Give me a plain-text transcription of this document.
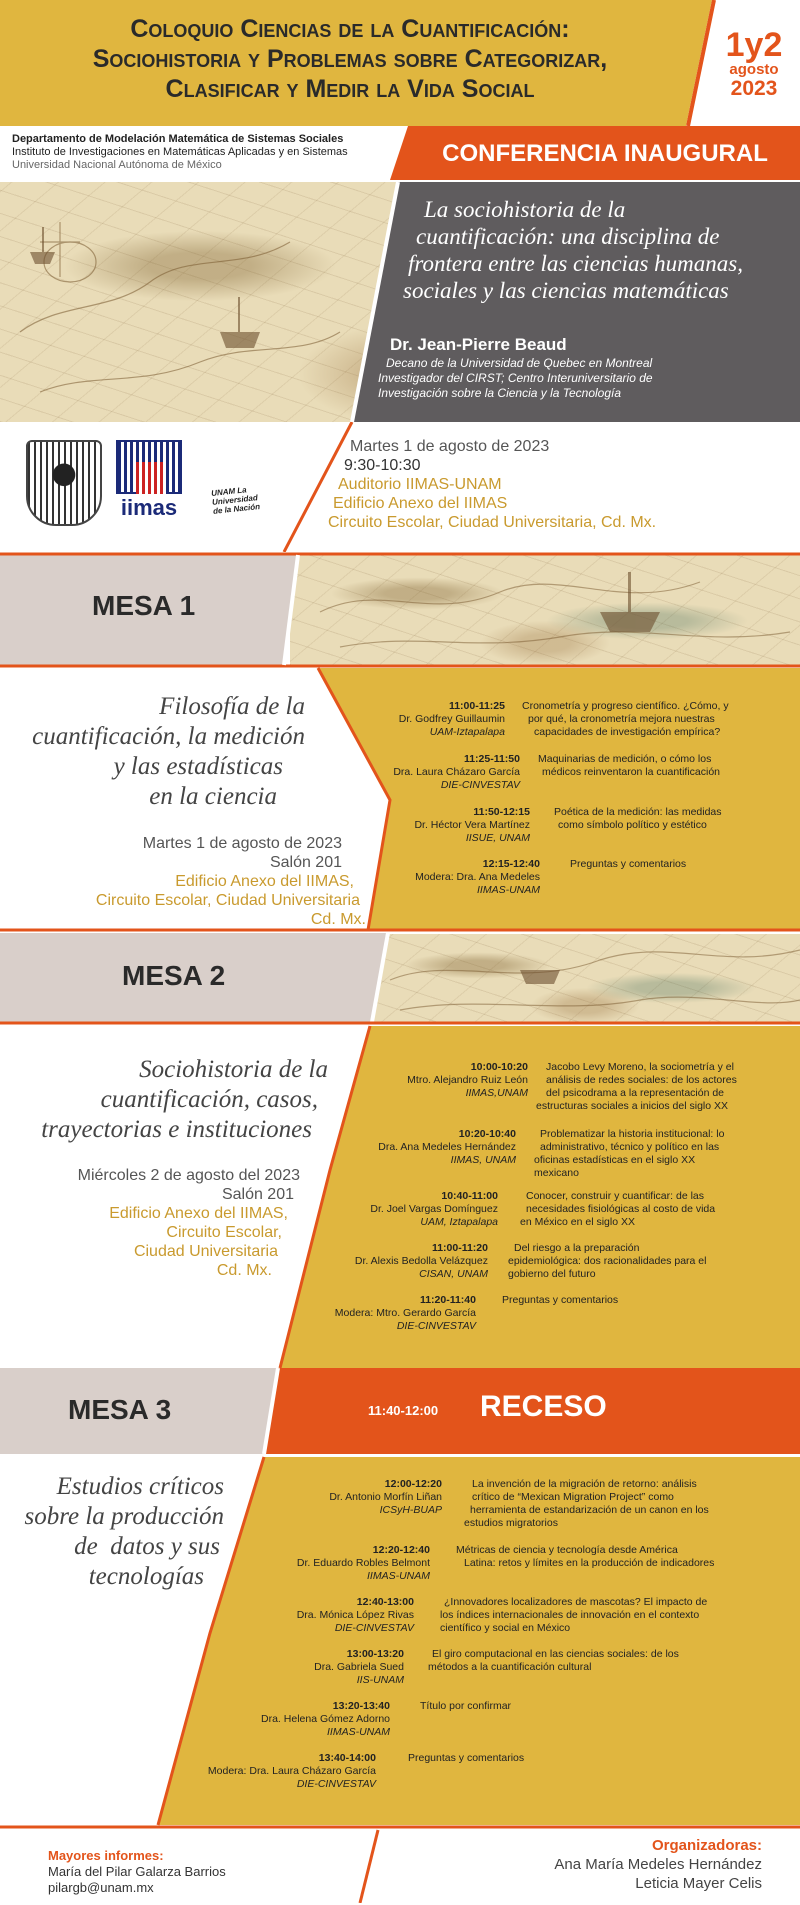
Coloquio Ciencias de la Cuantificación:
Sociohistoria y Problemas sobre Categorizar,
Clasificar y Medir la Vida Social
1y2
agosto
2023
Departamento de Modelación Matemática de Sistemas Sociales
Instituto de Investigaciones en Matemáticas Aplicadas y en Sistemas
Universidad Nacional Autónoma de México	CONFERENCIA INAUGURAL
La sociohistoria de la
cuantificación: una disciplina de
frontera entre las ciencias humanas,
sociales y las ciencias matemáticas
Dr. Jean-Pierre Beaud
Decano de la Universidad de Quebec en Montreal
Investigador del CIRST; Centro Interuniversitario de
Investigación sobre la Ciencia y la Tecnología
iimas
UNAM La Universidad de la Nación
Martes 1 de agosto de 2023
9:30-10:30
Auditorio IIMAS-UNAM
Edificio Anexo del IIMAS
Circuito Escolar, Ciudad Universitaria, Cd. Mx.
MESA 1
Filosofía de la
cuantificación, la medición
y las estadísticas
en la ciencia
Martes 1 de agosto de 2023
Salón 201
Edificio Anexo del IIMAS,
Circuito Escolar, Ciudad Universitaria
Cd. Mx.
11:00-11:25
Dr. Godfrey Guillaumin
UAM-Iztapalapa
Cronometría y progreso científico. ¿Cómo, y
por qué, la cronometría mejora nuestras
capacidades de investigación empírica?
11:25-11:50
Dra. Laura Cházaro García
DIE-CINVESTAV
Maquinarias de medición, o cómo los
médicos reinventaron la cuantificación
11:50-12:15
Dr. Héctor Vera Martínez
IISUE, UNAM
Poética de la medición: las medidas
como símbolo político y estético
12:15-12:40
Modera: Dra. Ana Medeles
IIMAS-UNAM
Preguntas y comentarios
MESA 2
Sociohistoria de la
cuantificación, casos,
trayectorias e instituciones
Miércoles 2 de agosto del 2023
Salón 201
Edificio Anexo del IIMAS,
Circuito Escolar,
Ciudad Universitaria
Cd. Mx.
10:00-10:20
Mtro. Alejandro Ruiz León
IIMAS,UNAM
Jacobo Levy Moreno, la sociometría y el
análisis de redes sociales: de los actores
del psicodrama a la representación de
estructuras sociales a inicios del siglo XX
10:20-10:40
Dra. Ana Medeles Hernández
IIMAS, UNAM
Problematizar la historia institucional: lo
administrativo, técnico y político en las
oficinas estadísticas en el siglo XX
mexicano
10:40-11:00
Dr. Joel Vargas Domínguez
UAM, Iztapalapa
Conocer, construir y cuantificar: de las
necesidades fisiológicas al costo de vida
en México en el siglo XX
11:00-11:20
Dr. Alexis Bedolla Velázquez
CISAN, UNAM
Del riesgo a la preparación
epidemiológica: dos racionalidades para el
gobierno del futuro
11:20-11:40
Modera: Mtro. Gerardo García
DIE-CINVESTAV
Preguntas y comentarios
MESA 3	11:40-12:00 RECESO
Estudios críticos
sobre la producción
de  datos y sus
tecnologías
12:00-12:20
Dr. Antonio Morfín Liñan
ICSyH-BUAP
La invención de la migración de retorno: análisis
crítico de “Mexican Migration Project” como
herramienta de estandarización de un canon en los
estudios migratorios
12:20-12:40
Dr. Eduardo Robles Belmont
IIMAS-UNAM
Métricas de ciencia y tecnología desde América
Latina: retos y límites en la producción de indicadores
12:40-13:00
Dra. Mónica López Rivas
DIE-CINVESTAV
¿Innovadores localizadores de mascotas? El impacto de
los índices internacionales de innovación en el contexto
científico y social en México
13:00-13:20
Dra. Gabriela Sued
IIS-UNAM
El giro computacional en las ciencias sociales: de los
métodos a la cuantificación cultural
13:20-13:40
Dra. Helena Gómez Adorno
IIMAS-UNAM
Título por confirmar
13:40-14:00
Modera: Dra. Laura Cházaro García
DIE-CINVESTAV
Preguntas y comentarios
Mayores informes:
María del Pilar Galarza Barrios
pilargb@unam.mx
Organizadoras:
Ana María Medeles Hernández
Leticia Mayer Celis
